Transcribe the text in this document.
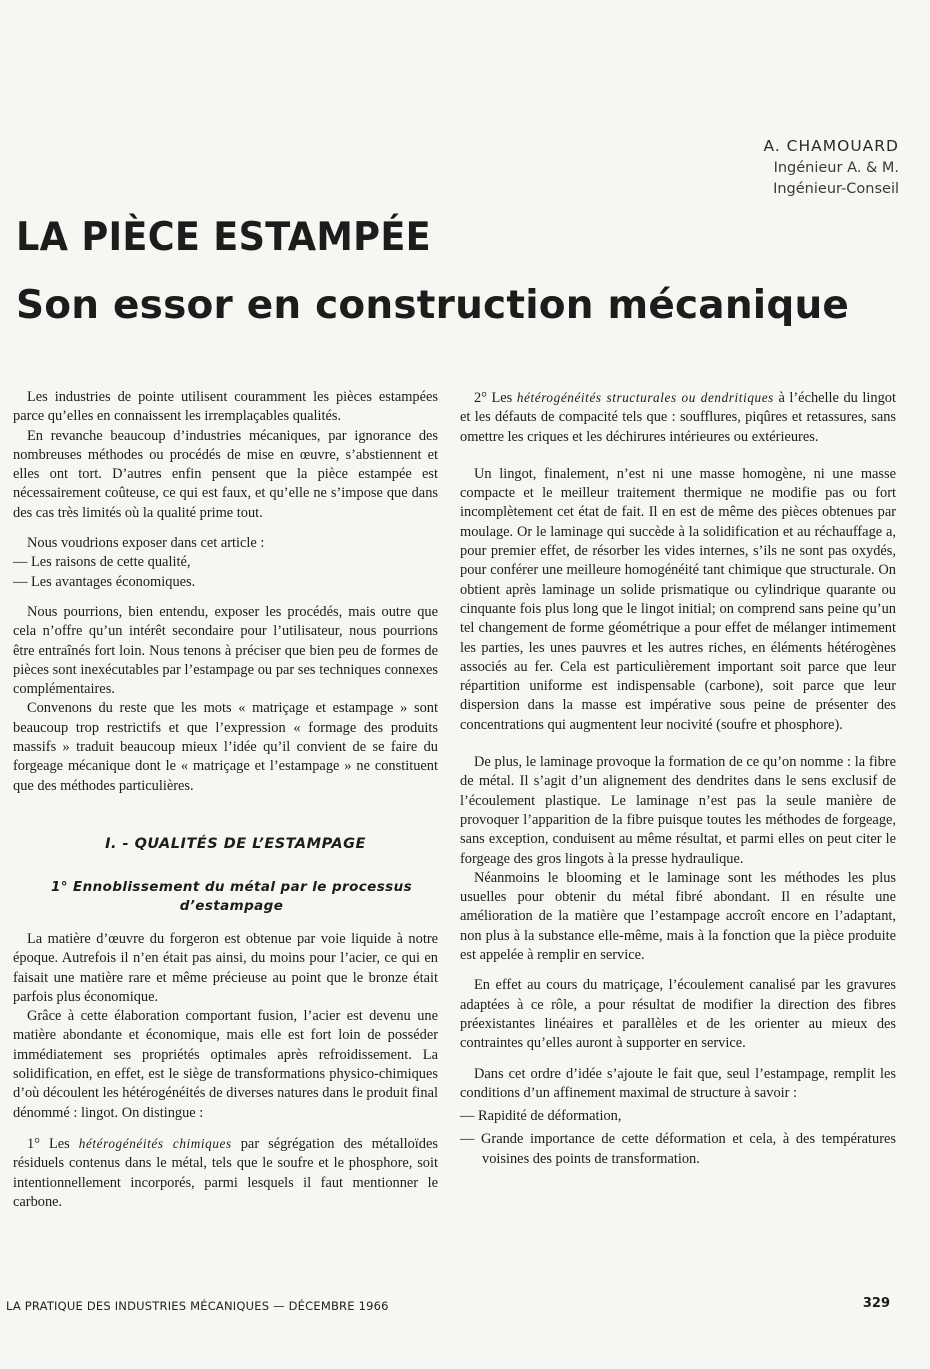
A. CHAMOUARD
Ingénieur A. & M.
Ingénieur-Conseil
LA PIÈCE ESTAMPÉE
Son essor en construction mécanique

Les industries de pointe utilisent couramment les pièces estampées parce qu’elles en connaissent les irremplaçables qualités.

En revanche beaucoup d’industries mécaniques, par ignorance des nombreuses méthodes ou procédés de mise en œuvre, s’abstiennent et elles ont tort. D’autres enfin pensent que la pièce estampée est nécessairement coûteuse, ce qui est faux, et qu’elle ne s’impose que dans des cas très limités où la qualité prime tout.

Nous voudrions exposer dans cet article :

— Les raisons de cette qualité,

— Les avantages économiques.

Nous pourrions, bien entendu, exposer les procédés, mais outre que cela n’offre qu’un intérêt secondaire pour l’utilisateur, nous pourrions être entraînés fort loin. Nous tenons à préciser que bien peu de formes de pièces sont inexécutables par l’estampage ou par ses techniques connexes complémentaires.

Convenons du reste que les mots « matriçage et estampage » sont beaucoup trop restrictifs et que l’expression « formage des produits massifs » traduit beaucoup mieux l’idée qu’il convient de se faire du forgeage mécanique dont le « matriçage et l’estampage » ne constituent que des méthodes particulières.

I. - QUALITÉS DE L’ESTAMPAGE
1° Ennoblissement du métal par le processus d’estampage

La matière d’œuvre du forgeron est obtenue par voie liquide à notre époque. Autrefois il n’en était pas ainsi, du moins pour l’acier, ce qui en faisait une matière rare et même précieuse au point que le bronze était parfois plus économique.

Grâce à cette élaboration comportant fusion, l’acier est devenu une matière abondante et économique, mais elle est fort loin de posséder immédiatement ses propriétés optimales après refroidissement. La solidification, en effet, est le siège de transformations physico-chimiques d’où découlent les hétérogénéités de diverses natures dans le produit final dénommé : lingot. On distingue :

1° Les hétérogénéités chimiques par ségrégation des métalloïdes résiduels contenus dans le métal, tels que le soufre et le phosphore, soit intentionnellement incorporés, parmi lesquels il faut mentionner le carbone.

2° Les hétérogénéités structurales ou dendritiques à l’échelle du lingot et les défauts de compacité tels que : soufflures, piqûres et retassures, sans omettre les criques et les déchirures intérieures ou extérieures.

Un lingot, finalement, n’est ni une masse homogène, ni une masse compacte et le meilleur traitement thermique ne modifie pas ou fort incomplètement cet état de fait. Il en est de même des pièces obtenues par moulage. Or le laminage qui succède à la solidification et au réchauffage a, pour premier effet, de résorber les vides internes, s’ils ne sont pas oxydés, pour conférer une meilleure homogénéité tant chimique que structurale. On obtient après laminage un solide prismatique ou cylindrique quarante ou cinquante fois plus long que le lingot initial; on comprend sans peine qu’un tel changement de forme géométrique a pour effet de mélanger intimement les parties, les unes pauvres et les autres riches, en éléments hétérogènes associés au fer. Cela est particulièrement important soit parce que leur répartition uniforme est indispensable (carbone), soit parce que leur dispersion dans la masse est impérative sous peine de présenter des concentrations qui augmentent leur nocivité (soufre et phosphore).

De plus, le laminage provoque la formation de ce qu’on nomme : la fibre de métal. Il s’agit d’un alignement des dendrites dans le sens exclusif de l’écoulement plastique. Le laminage n’est pas la seule manière de provoquer l’apparition de la fibre puisque toutes les méthodes de forgeage, sans exception, conduisent au même résultat, et parmi elles on peut citer le forgeage des gros lingots à la presse hydraulique.

Néanmoins le blooming et le laminage sont les méthodes les plus usuelles pour obtenir du métal fibré abondant. Il en résulte une amélioration de la matière que l’estampage accroît encore en l’adaptant, non plus à la substance elle-même, mais à la fonction que la pièce produite est appelée à remplir en service.

En effet au cours du matriçage, l’écoulement canalisé par les gravures adaptées à ce rôle, a pour résultat de modifier la direction des fibres préexistantes linéaires et parallèles et de les orienter au mieux des contraintes qu’elles auront à supporter en service.

Dans cet ordre d’idée s’ajoute le fait que, seul l’estampage, remplit les conditions d’un affinement maximal de structure à savoir :

— Rapidité de déformation,

— Grande importance de cette déformation et cela, à des températures voisines des points de transformation.

LA PRATIQUE DES INDUSTRIES MÉCANIQUES — DÉCEMBRE 1966	329
